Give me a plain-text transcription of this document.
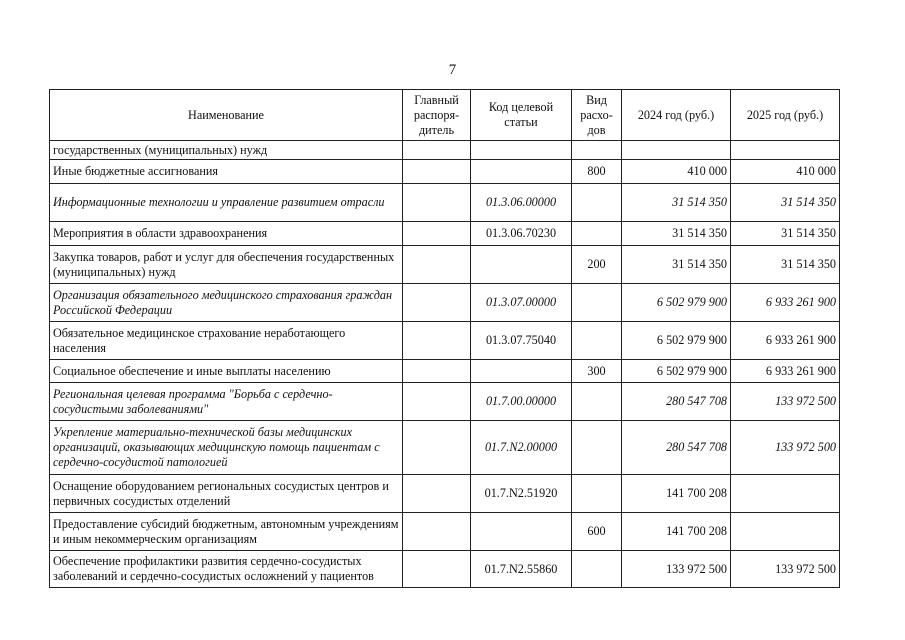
7
Наименование	Главный распоря-дитель	Код целевой статьи	Вид расхо-дов	2024 год (руб.)	2025 год (руб.)
государственных (муниципальных) нужд					
Иные бюджетные ассигнования			800	410 000	410 000
Информационные технологии и управление развитием отрасли		01.3.06.00000		31 514 350	31 514 350
Мероприятия в области здравоохранения		01.3.06.70230		31 514 350	31 514 350
Закупка товаров, работ и услуг для обеспечения государственных (муниципальных) нужд			200	31 514 350	31 514 350
Организация обязательного медицинского страхования граждан Российской Федерации		01.3.07.00000		6 502 979 900	6 933 261 900
Обязательное медицинское страхование неработающего населения		01.3.07.75040		6 502 979 900	6 933 261 900
Социальное обеспечение и иные выплаты населению			300	6 502 979 900	6 933 261 900
Региональная целевая программа "Борьба с сердечно-сосудистыми заболеваниями"		01.7.00.00000		280 547 708	133 972 500
Укрепление материально-технической базы медицинских организаций, оказывающих медицинскую помощь пациентам с сердечно-сосудистой патологией		01.7.N2.00000		280 547 708	133 972 500
Оснащение оборудованием региональных сосудистых центров и первичных сосудистых отделений		01.7.N2.51920		141 700 208	
Предоставление субсидий бюджетным, автономным учреждениям и иным некоммерческим организациям			600	141 700 208	
Обеспечение профилактики развития сердечно-сосудистых заболеваний и сердечно-сосудистых осложнений у пациентов		01.7.N2.55860		133 972 500	133 972 500
